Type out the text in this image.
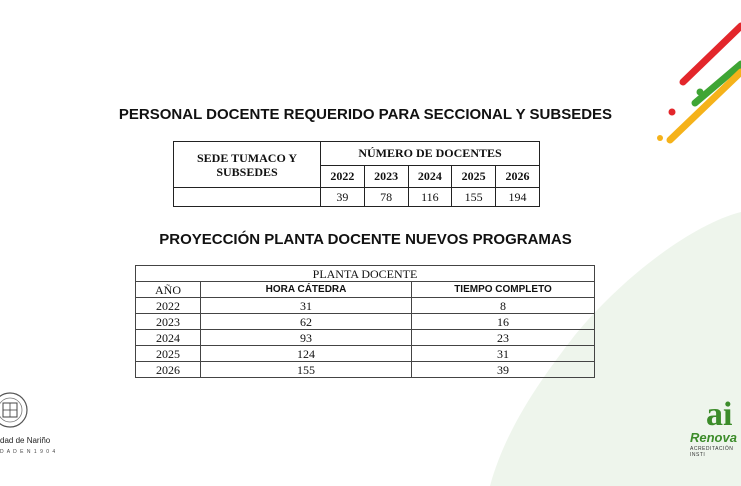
PERSONAL DOCENTE REQUERIDO PARA SECCIONAL Y SUBSEDES
SEDE TUMACO Y SUBSEDES	NÚMERO DE DOCENTES				
	2022	2023	2024	2025	2026
	39	78	116	155	194
PROYECCIÓN PLANTA DOCENTE NUEVOS PROGRAMAS
PLANTA DOCENTE		
AÑO	HORA CÁTEDRA	TIEMPO COMPLETO
2022	31	8
2023	62	16
2024	93	23
2025	124	31
2026	155	39
dad de Nariño
D A D E N 1 9 0 4
ai
Renova
ACREDITACIÓN INSTI
